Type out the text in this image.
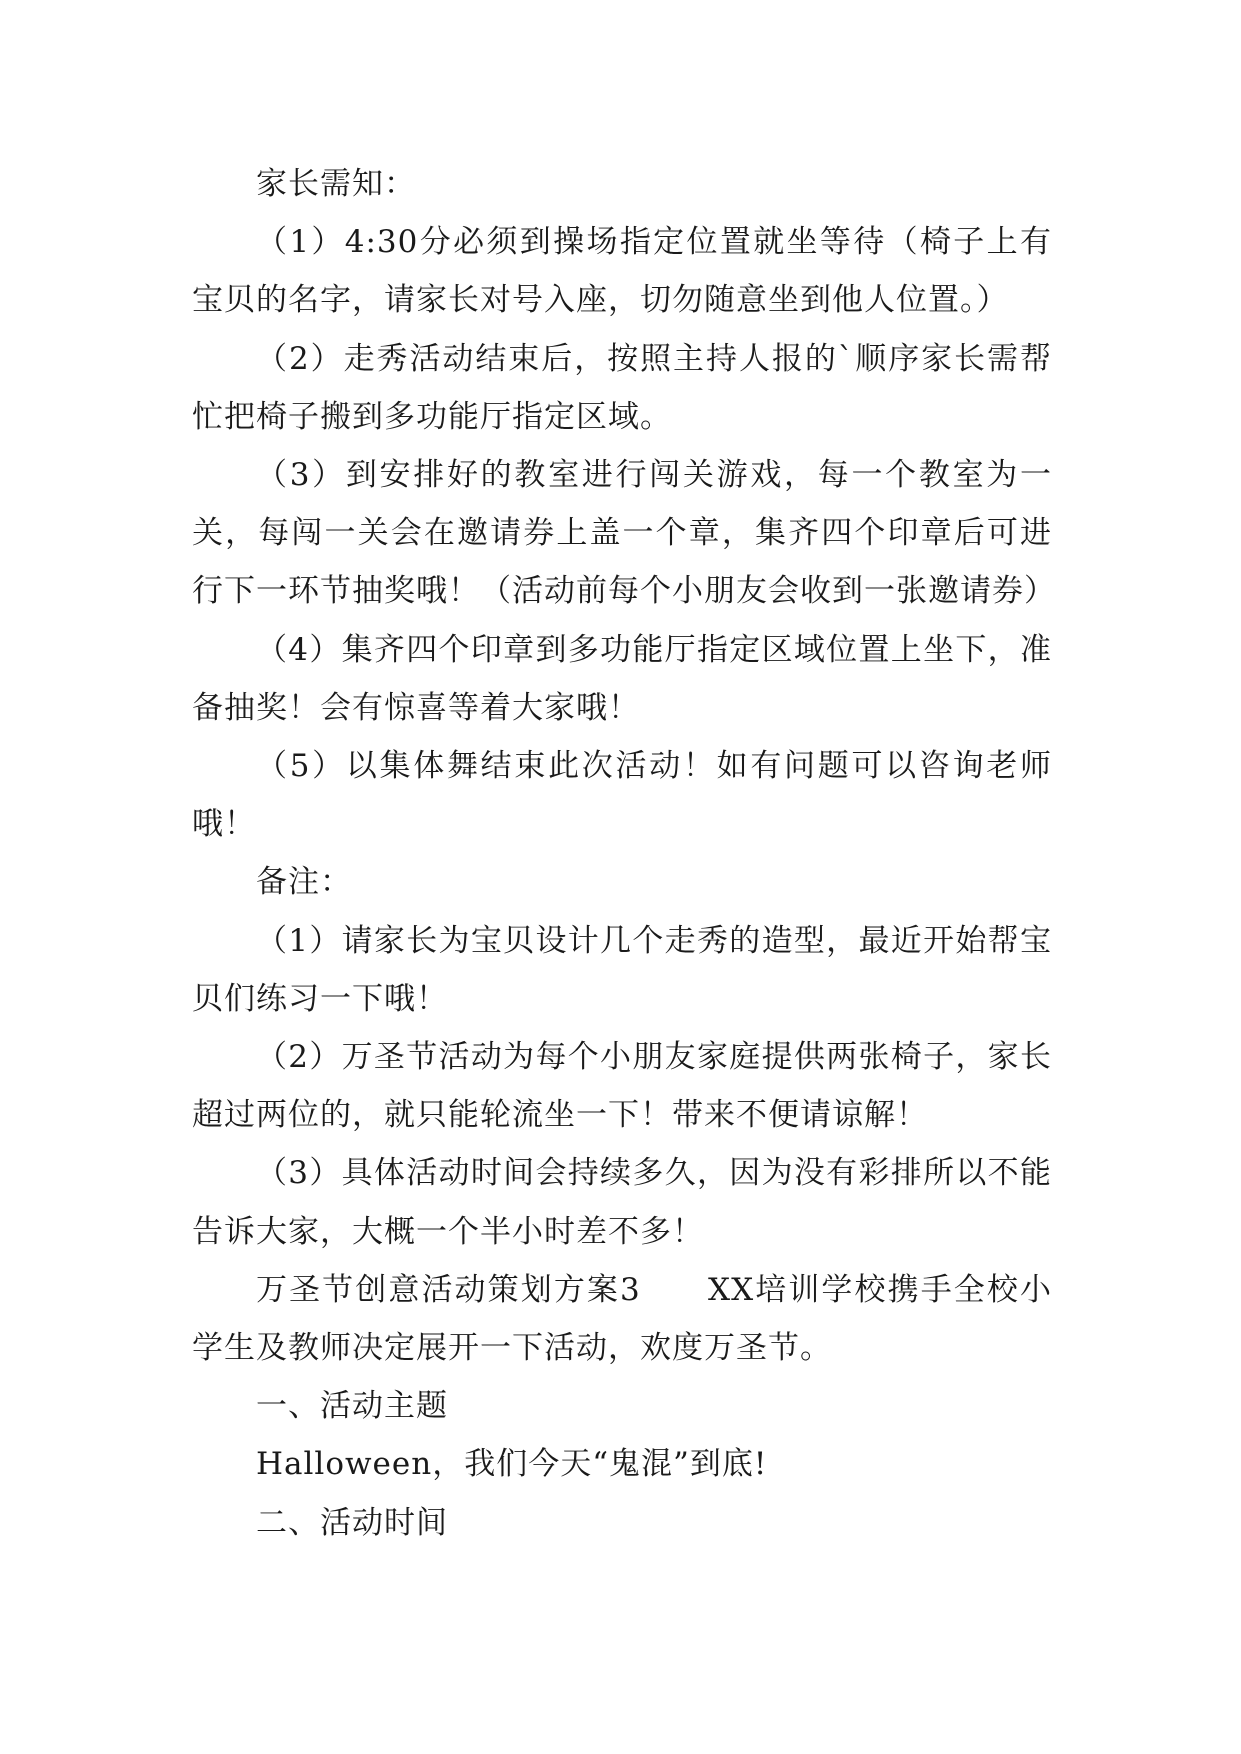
家长需知：

（1）4:30分必须到操场指定位置就坐等待（椅子上有宝贝的名字，请家长对号入座，切勿随意坐到他人位置。）

（2）走秀活动结束后，按照主持人报的`顺序家长需帮忙把椅子搬到多功能厅指定区域。

（3）到安排好的教室进行闯关游戏，每一个教室为一关，每闯一关会在邀请券上盖一个章，集齐四个印章后可进行下一环节抽奖哦！（活动前每个小朋友会收到一张邀请券）

（4）集齐四个印章到多功能厅指定区域位置上坐下，准备抽奖！会有惊喜等着大家哦！

（5）以集体舞结束此次活动！如有问题可以咨询老师哦！

备注：

（1）请家长为宝贝设计几个走秀的造型，最近开始帮宝贝们练习一下哦！

（2）万圣节活动为每个小朋友家庭提供两张椅子，家长超过两位的，就只能轮流坐一下！带来不便请谅解！

（3）具体活动时间会持续多久，因为没有彩排所以不能告诉大家，大概一个半小时差不多！

万圣节创意活动策划方案3　　XX培训学校携手全校小学生及教师决定展开一下活动，欢度万圣节。

一、活动主题

Halloween，我们今天“鬼混”到底!

二、活动时间
